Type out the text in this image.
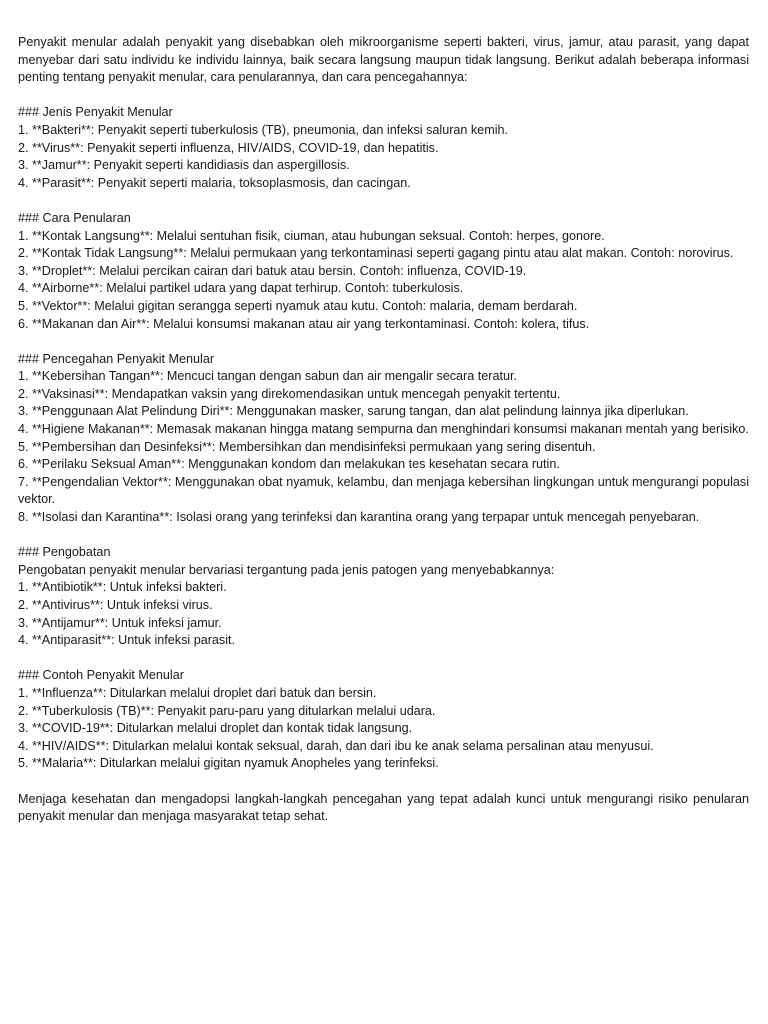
Penyakit menular adalah penyakit yang disebabkan oleh mikroorganisme seperti bakteri, virus, jamur, atau parasit, yang dapat menyebar dari satu individu ke individu lainnya, baik secara langsung maupun tidak langsung. Berikut adalah beberapa informasi penting tentang penyakit menular, cara penularannya, dan cara pencegahannya:

### Jenis Penyakit Menular

1. **Bakteri**: Penyakit seperti tuberkulosis (TB), pneumonia, dan infeksi saluran kemih.
2. **Virus**: Penyakit seperti influenza, HIV/AIDS, COVID-19, dan hepatitis.
3. **Jamur**: Penyakit seperti kandidiasis dan aspergillosis.
4. **Parasit**: Penyakit seperti malaria, toksoplasmosis, dan cacingan.

### Cara Penularan

1. **Kontak Langsung**: Melalui sentuhan fisik, ciuman, atau hubungan seksual. Contoh: herpes, gonore.
2. **Kontak Tidak Langsung**: Melalui permukaan yang terkontaminasi seperti gagang pintu atau alat makan. Contoh: norovirus.
3. **Droplet**: Melalui percikan cairan dari batuk atau bersin. Contoh: influenza, COVID-19.
4. **Airborne**: Melalui partikel udara yang dapat terhirup. Contoh: tuberkulosis.
5. **Vektor**: Melalui gigitan serangga seperti nyamuk atau kutu. Contoh: malaria, demam berdarah.
6. **Makanan dan Air**: Melalui konsumsi makanan atau air yang terkontaminasi. Contoh: kolera, tifus.

### Pencegahan Penyakit Menular

1. **Kebersihan Tangan**: Mencuci tangan dengan sabun dan air mengalir secara teratur.
2. **Vaksinasi**: Mendapatkan vaksin yang direkomendasikan untuk mencegah penyakit tertentu.
3. **Penggunaan Alat Pelindung Diri**: Menggunakan masker, sarung tangan, dan alat pelindung lainnya jika diperlukan.
4. **Higiene Makanan**: Memasak makanan hingga matang sempurna dan menghindari konsumsi makanan mentah yang berisiko.
5. **Pembersihan dan Desinfeksi**: Membersihkan dan mendisinfeksi permukaan yang sering disentuh.
6. **Perilaku Seksual Aman**: Menggunakan kondom dan melakukan tes kesehatan secara rutin.
7. **Pengendalian Vektor**: Menggunakan obat nyamuk, kelambu, dan menjaga kebersihan lingkungan untuk mengurangi populasi vektor.
8. **Isolasi dan Karantina**: Isolasi orang yang terinfeksi dan karantina orang yang terpapar untuk mencegah penyebaran.

### Pengobatan

Pengobatan penyakit menular bervariasi tergantung pada jenis patogen yang menyebabkannya:

1. **Antibiotik**: Untuk infeksi bakteri.
2. **Antivirus**: Untuk infeksi virus.
3. **Antijamur**: Untuk infeksi jamur.
4. **Antiparasit**: Untuk infeksi parasit.

### Contoh Penyakit Menular

1. **Influenza**: Ditularkan melalui droplet dari batuk dan bersin.
2. **Tuberkulosis (TB)**: Penyakit paru-paru yang ditularkan melalui udara.
3. **COVID-19**: Ditularkan melalui droplet dan kontak tidak langsung.
4. **HIV/AIDS**: Ditularkan melalui kontak seksual, darah, dan dari ibu ke anak selama persalinan atau menyusui.
5. **Malaria**: Ditularkan melalui gigitan nyamuk Anopheles yang terinfeksi.

Menjaga kesehatan dan mengadopsi langkah-langkah pencegahan yang tepat adalah kunci untuk mengurangi risiko penularan penyakit menular dan menjaga masyarakat tetap sehat.
